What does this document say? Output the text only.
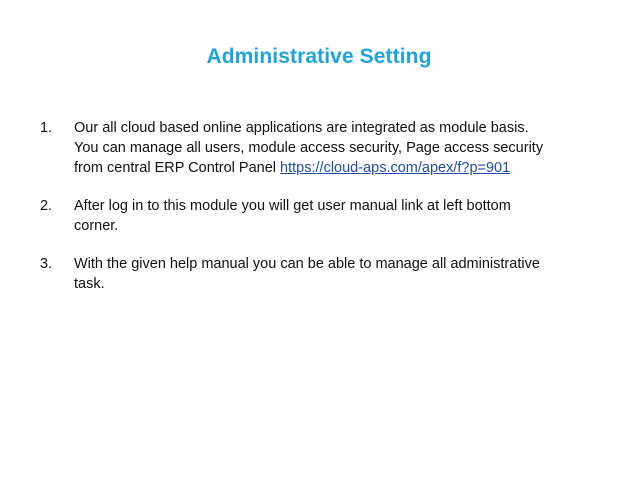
Administrative Setting
1.	Our all cloud based online applications are integrated as module basis.
You can manage all users, module access security, Page access security
from central ERP Control Panel https://cloud-aps.com/apex/f?p=901
2.	After log in to this module you will get user manual link at left bottom
corner.
3.	With the given help manual you can be able to manage all administrative
task.
